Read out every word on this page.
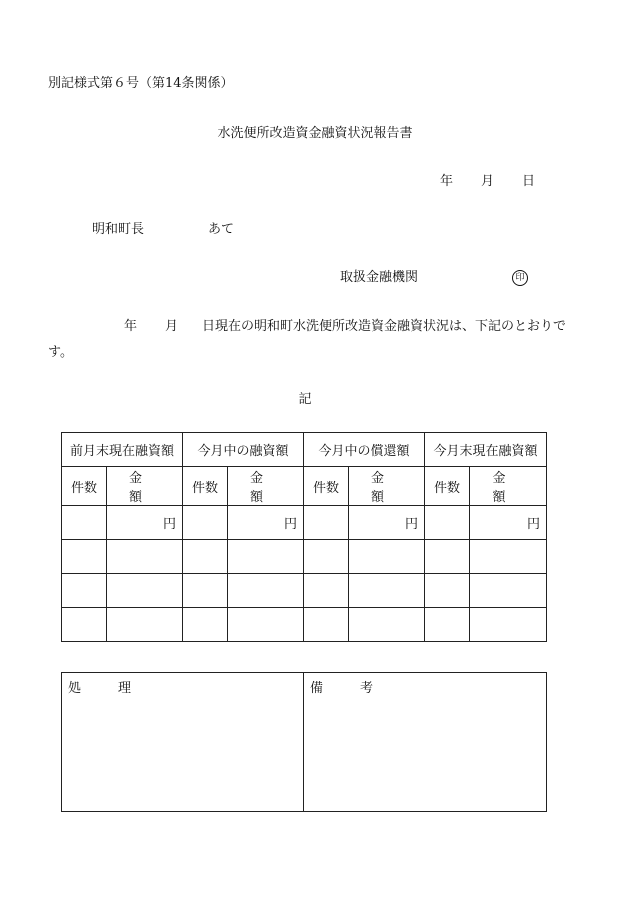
別記様式第６号（第14条関係）
水洗便所改造資金融資状況報告書
年 月 日
明和町長	あて
取扱金融機関	印
年 月 日現在の明和町水洗便所改造資金融資状況は、下記のとおりで
す。
記
前月末現在融資額		今月中の融資額		今月中の償還額		今月末現在融資額	
件数	金　額	件数	金　額	件数	金　額	件数	金　額
	円		円		円		円

処　理	備　考
